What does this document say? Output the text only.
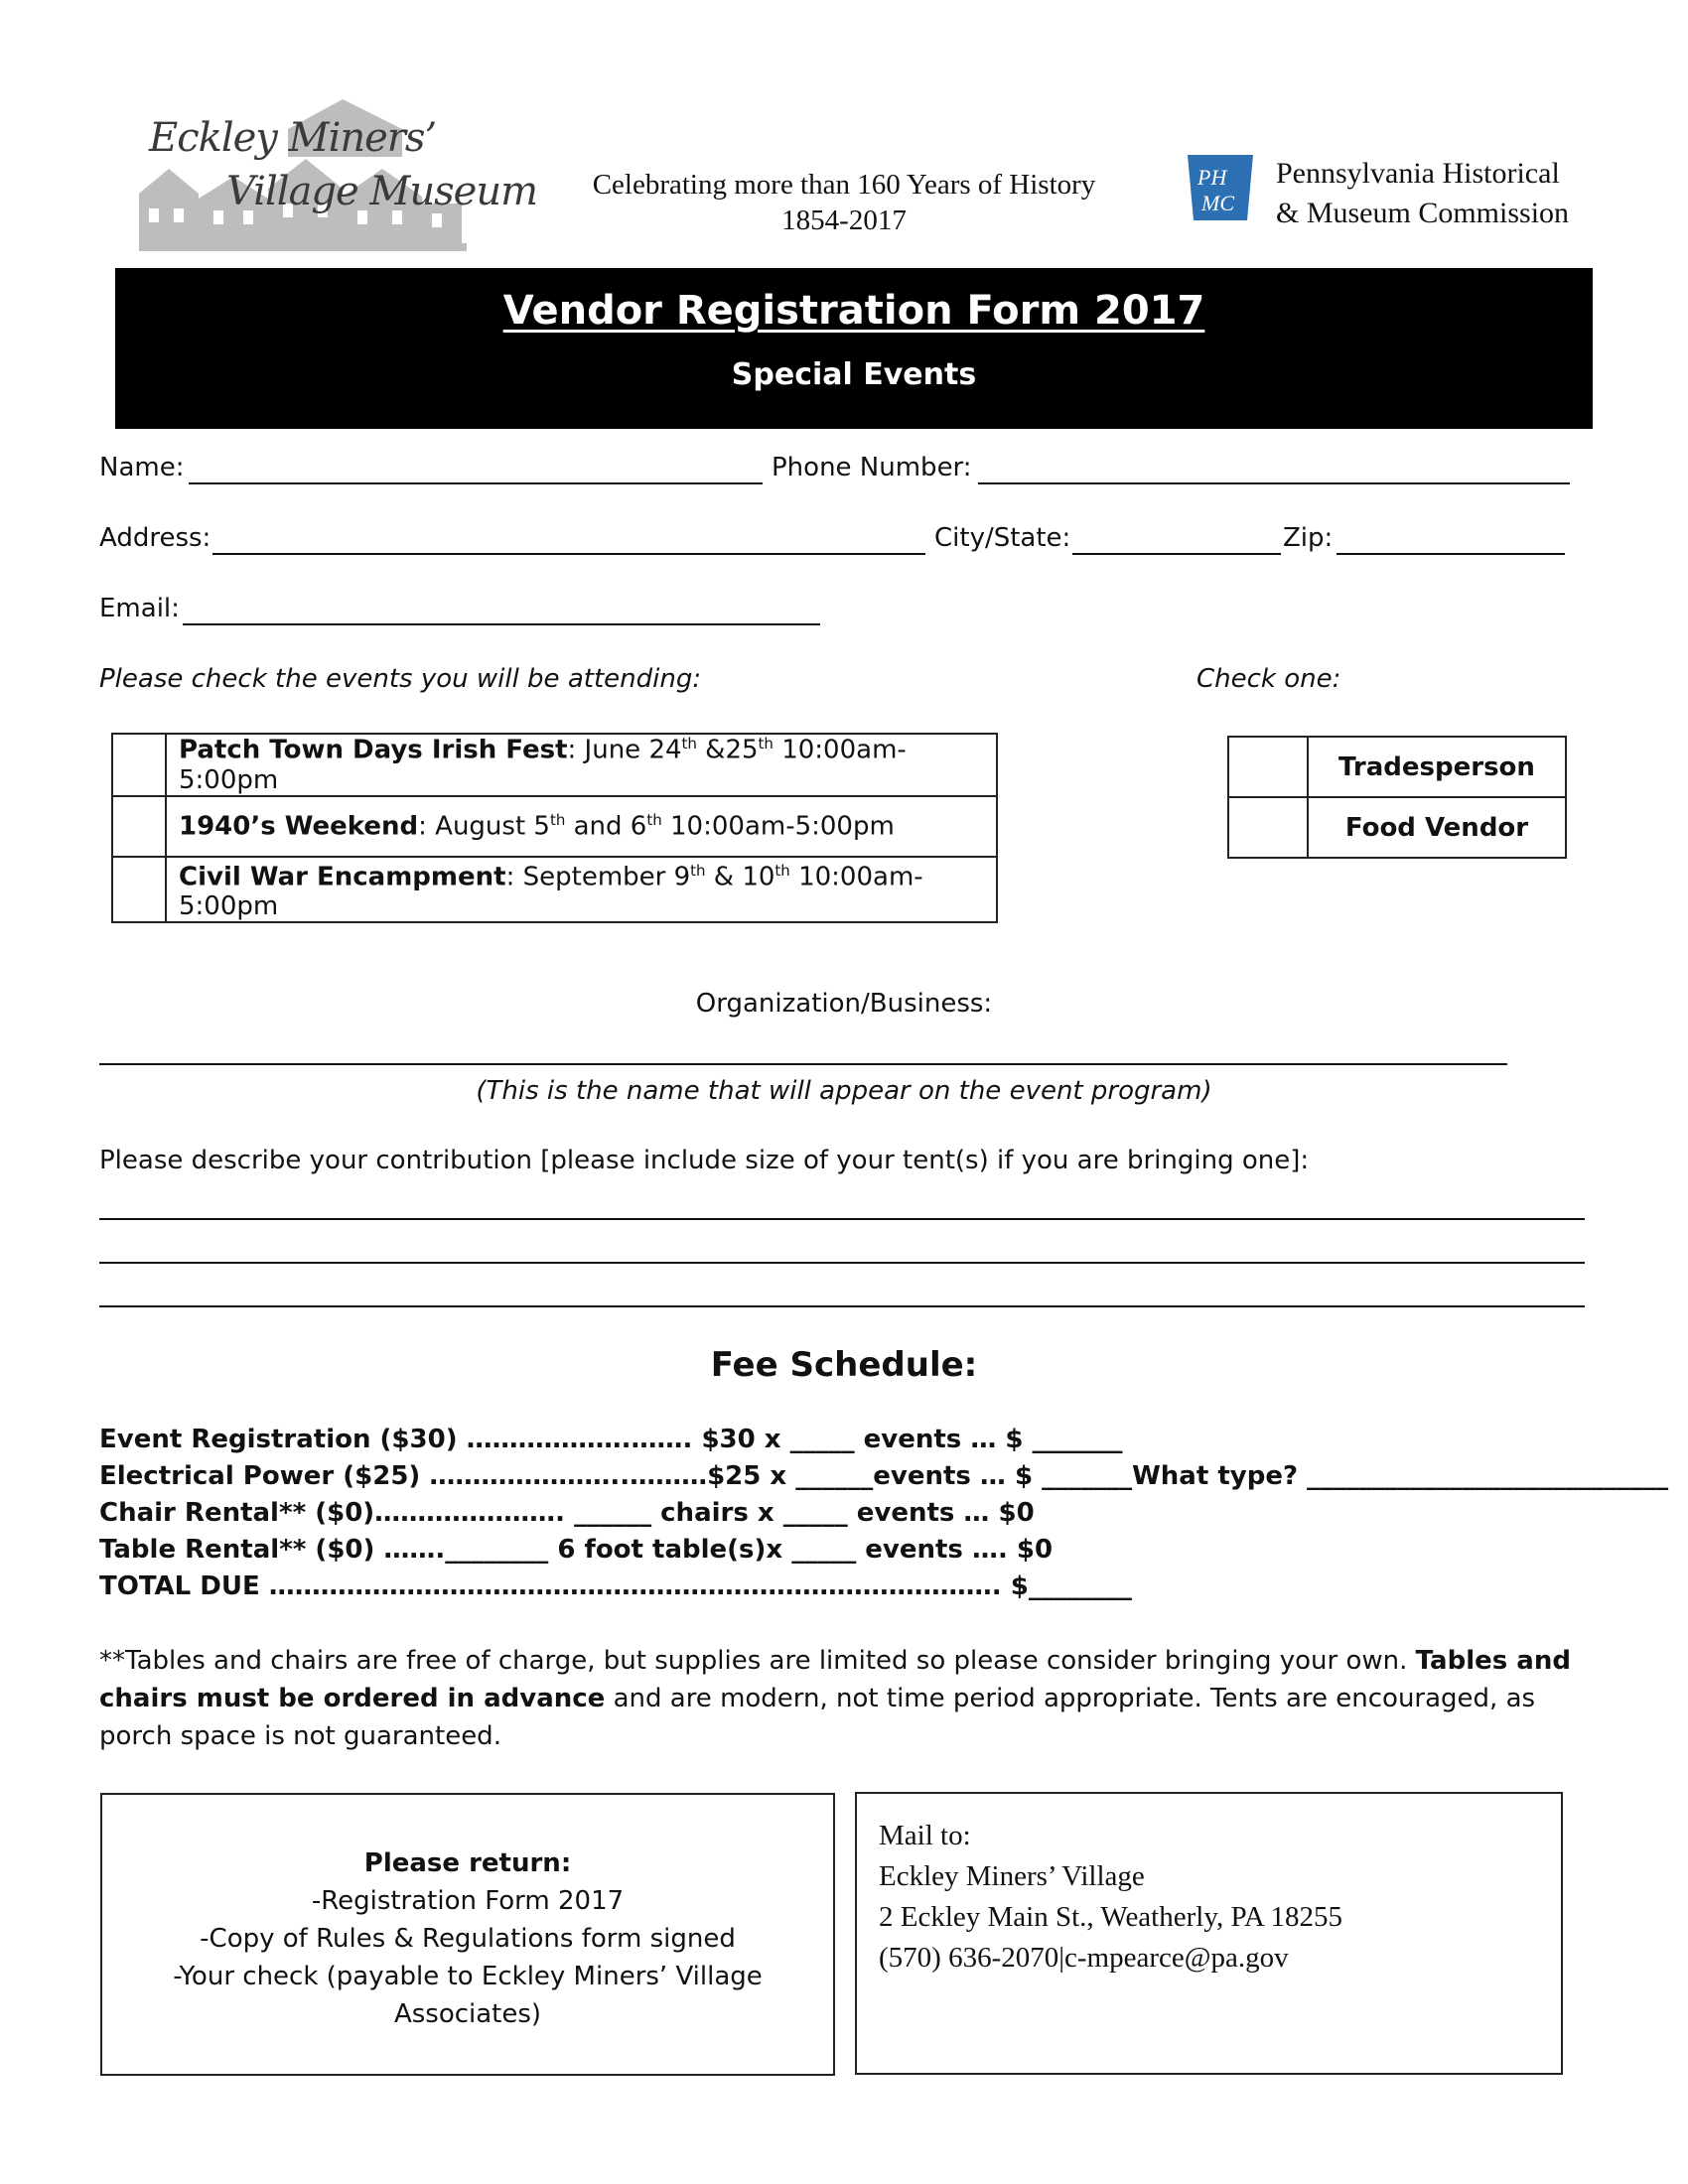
Eckley Miners’
Village Museum	Celebrating more than 160 Years of History
1854-2017
PH
MC
Pennsylvania Historical
& Museum Commission
Vendor Registration Form 2017
Special Events
Name:	Phone Number:
Address:	City/State:	Zip:
Email:
Please check the events you will be attending:	Check one:
	Patch Town Days Irish Fest: June 24th &25th 10:00am-5:00pm
	1940’s Weekend: August 5th and 6th 10:00am-5:00pm
	Civil War Encampment: September 9th & 10th 10:00am-5:00pm
	Tradesperson
	Food Vendor
Organization/Business:
(This is the name that will appear on the event program)
Please describe your contribution [please include size of your tent(s) if you are bringing one]:
Fee Schedule:
Event Registration ($30) ……………….……. $30 x _____ events … $ _______
Electrical Power ($25) …………………..………$25 x ______events … $ _______What type? ____________________________
Chair Rental** ($0)…………………. ______ chairs x _____ events … $0
Table Rental** ($0) …….________ 6 foot table(s)x _____ events …. $0
TOTAL DUE …………………………………………………………………………. $________
**Tables and chairs are free of charge, but supplies are limited so please consider bringing your own. Tables and chairs must be ordered in advance and are modern, not time period appropriate. Tents are encouraged, as porch space is not guaranteed.
Please return:
-Registration Form 2017
-Copy of Rules & Regulations form signed
-Your check (payable to Eckley Miners’ Village
Associates)
Mail to:
Eckley Miners’ Village
2 Eckley Main St., Weatherly, PA 18255
(570) 636-2070|c-mpearce@pa.gov
